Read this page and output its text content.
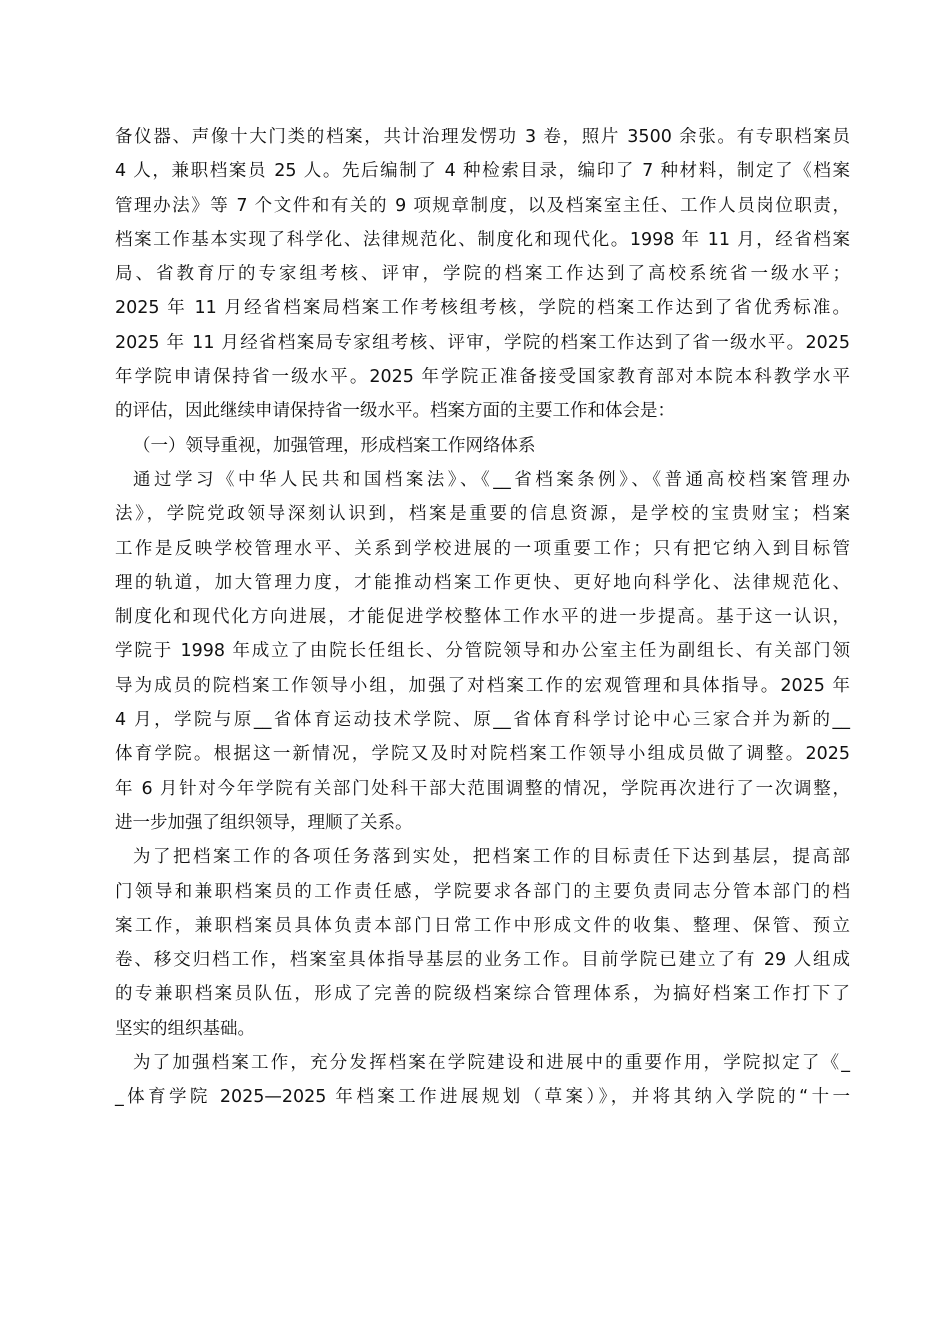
备仪器、声像十大门类的档案，共计治理发愣功 3 卷，照片 3500 余张。有专职档案员
4 人，兼职档案员 25 人。先后编制了 4 种检索目录，编印了 7 种材料，制定了《档案
管理办法》等 7 个文件和有关的 9 项规章制度，以及档案室主任、工作人员岗位职责，
档案工作基本实现了科学化、法律规范化、制度化和现代化。1998 年 11 月，经省档案
局、省教育厅的专家组考核、评审，学院的档案工作达到了高校系统省一级水平；
2025 年 11 月经省档案局档案工作考核组考核，学院的档案工作达到了省优秀标准。
2025 年 11 月经省档案局专家组考核、评审，学院的档案工作达到了省一级水平。2025
年学院申请保持省一级水平。2025 年学院正准备接受国家教育部对本院本科教学水平
的评估，因此继续申请保持省一级水平。档案方面的主要工作和体会是：
（一）领导重视，加强管理，形成档案工作网络体系
通过学习《中华人民共和国档案法》、《__省档案条例》、《普通高校档案管理办
法》，学院党政领导深刻认识到，档案是重要的信息资源，是学校的宝贵财宝；档案
工作是反映学校管理水平、关系到学校进展的一项重要工作；只有把它纳入到目标管
理的轨道，加大管理力度，才能推动档案工作更快、更好地向科学化、法律规范化、
制度化和现代化方向进展，才能促进学校整体工作水平的进一步提高。基于这一认识，
学院于 1998 年成立了由院长任组长、分管院领导和办公室主任为副组长、有关部门领
导为成员的院档案工作领导小组，加强了对档案工作的宏观管理和具体指导。2025 年
4 月，学院与原__省体育运动技术学院、原__省体育科学讨论中心三家合并为新的__
体育学院。根据这一新情况，学院又及时对院档案工作领导小组成员做了调整。2025
年 6 月针对今年学院有关部门处科干部大范围调整的情况，学院再次进行了一次调整，
进一步加强了组织领导，理顺了关系。
为了把档案工作的各项任务落到实处，把档案工作的目标责任下达到基层，提高部
门领导和兼职档案员的工作责任感，学院要求各部门的主要负责同志分管本部门的档
案工作，兼职档案员具体负责本部门日常工作中形成文件的收集、整理、保管、预立
卷、移交归档工作，档案室具体指导基层的业务工作。目前学院已建立了有 29 人组成
的专兼职档案员队伍，形成了完善的院级档案综合管理体系，为搞好档案工作打下了
坚实的组织基础。
为了加强档案工作，充分发挥档案在学院建设和进展中的重要作用，学院拟定了《_
_体育学院 2025—2025 年档案工作进展规划（草案）》，并将其纳入学院的“十一
